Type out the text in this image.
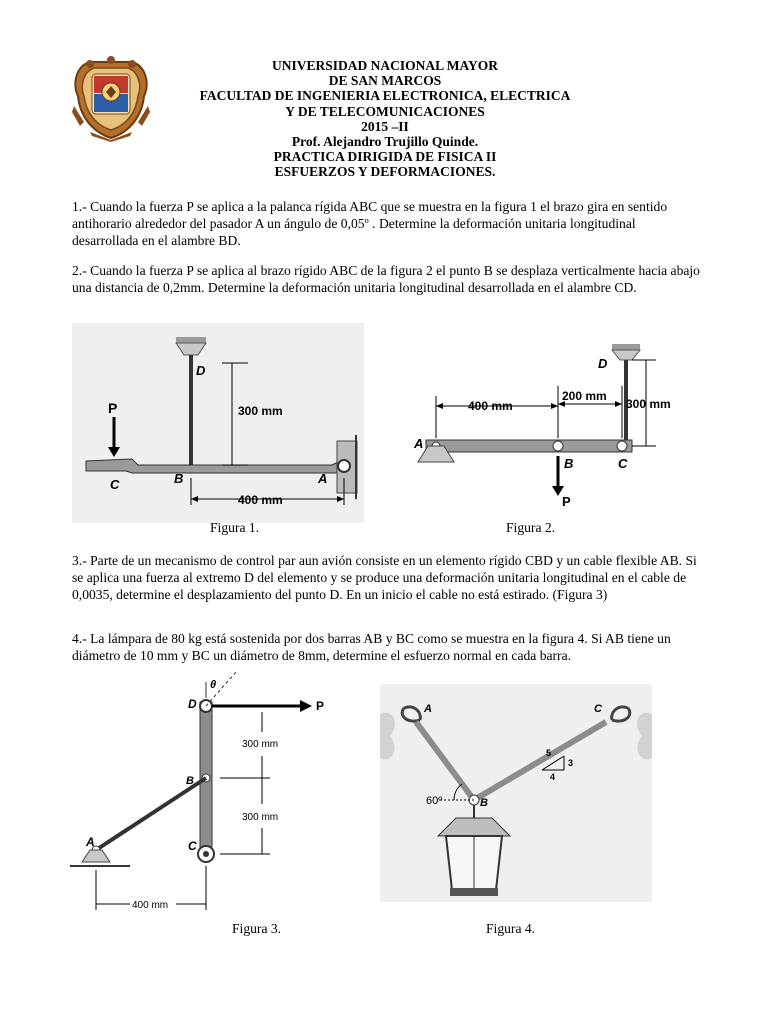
UNIVERSIDAD NACIONAL MAYOR
DE SAN MARCOS
FACULTAD DE INGENIERIA ELECTRONICA, ELECTRICA
Y DE TELECOMUNICACIONES
2015 –II
Prof. Alejandro Trujillo Quinde.
PRACTICA DIRIGIDA DE FISICA II
ESFUERZOS Y DEFORMACIONES.
1.- Cuando la fuerza P se aplica a la palanca rígida ABC que se muestra en la figura 1 el brazo gira en sentido antihorario alrededor del pasador A un ángulo de 0,05º . Determine la deformación unitaria longitudinal desarrollada en el alambre BD.
2.- Cuando la fuerza P se aplica al brazo rígido ABC de la figura 2 el punto B se desplaza verticalmente hacia abajo una distancia de 0,2mm. Determine la deformación unitaria longitudinal desarrollada en el alambre CD.
D
P
C	B	A
300 mm
400 mm
D
A
B	C
P
400 mm
200 mm
300 mm
Figura 1.	Figura 2.
3.- Parte de un mecanismo de control par aun avión consiste en un elemento rígido CBD y un cable flexible AB. Si se aplica una fuerza al extremo D del elemento y se produce una deformación unitaria longitudinal en el cable de 0,0035, determine el desplazamiento del punto D. En un inicio el cable no está estirado. (Figura 3)
4.- La lámpara de 80 kg está sostenida por dos barras AB y BC como se muestra en la figura 4. Si AB tiene un diámetro de 10 mm y BC un diámetro de 8mm, determine el esfuerzo normal en cada barra.
θ
D	P
B
A	C
300 mm
300 mm
400 mm
A	C
B
60º
5
3
4
Figura 3.	Figura 4.
